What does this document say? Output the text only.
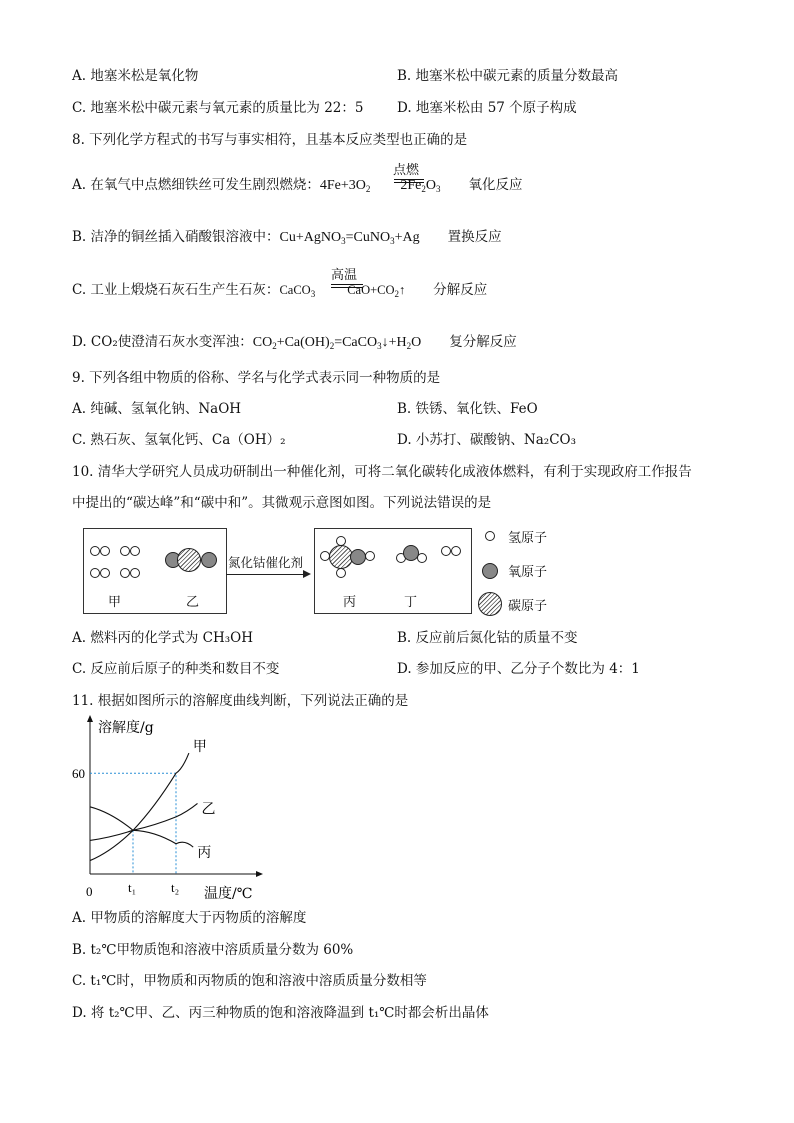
A. 地塞米松是氧化物	B. 地塞米松中碳元素的质量分数最高
C. 地塞米松中碳元素与氧元素的质量比为 22：5 D. 地塞米松由 57 个原子构成
8. 下列化学方程式的书写与事实相符，且基本反应类型也正确的是
A. 在氧气中点燃细铁丝可发生剧烈燃烧：$4Fe+3O_2$ $2Fe_2O_3$ 氧化反应
点燃
B. 洁净的铜丝插入硝酸银溶液中：Cu+AgNO$_3$=CuNO$_3$+Ag 置换反应
C. 工业上煅烧石灰石生产生石灰：CaCO$_3$	$CaO+CO_2↑$ 分解反应
高温
D. CO₂使澄清石灰水变浑浊：$CO_2+Ca(OH)_2=CaCO_3↓+H_2O$ 复分解反应
9. 下列各组中物质的俗称、学名与化学式表示同一种物质的是
A. 纯碱、氢氧化钠、NaOH	B. 铁锈、氧化铁、FeO
C. 熟石灰、氢氧化钙、Ca（OH）₂	D. 小苏打、碳酸钠、Na₂CO₃
10. 清华大学研究人员成功研制出一种催化剂，可将二氧化碳转化成液体燃料，有利于实现政府工作报告
中提出的“碳达峰”和“碳中和”。其微观示意图如图。下列说法错误的是
甲	乙
氮化钴催化剂
丙	丁
氢原子
氧原子
碳原子
A. 燃料丙的化学式为 CH₃OH	B. 反应前后氮化钴的质量不变
C. 反应前后原子的种类和数目不变	D. 参加反应的甲、乙分子个数比为 4：1
11. 根据如图所示的溶解度曲线判断，下列说法正确的是
溶解度/g
温度/℃
0
60
t₁	t₂
甲
乙
丙
A. 甲物质的溶解度大于丙物质的溶解度
B. t₂℃甲物质饱和溶液中溶质质量分数为 60%
C. t₁℃时，甲物质和丙物质的饱和溶液中溶质质量分数相等
D. 将 t₂℃甲、乙、丙三种物质的饱和溶液降温到 t₁℃时都会析出晶体
